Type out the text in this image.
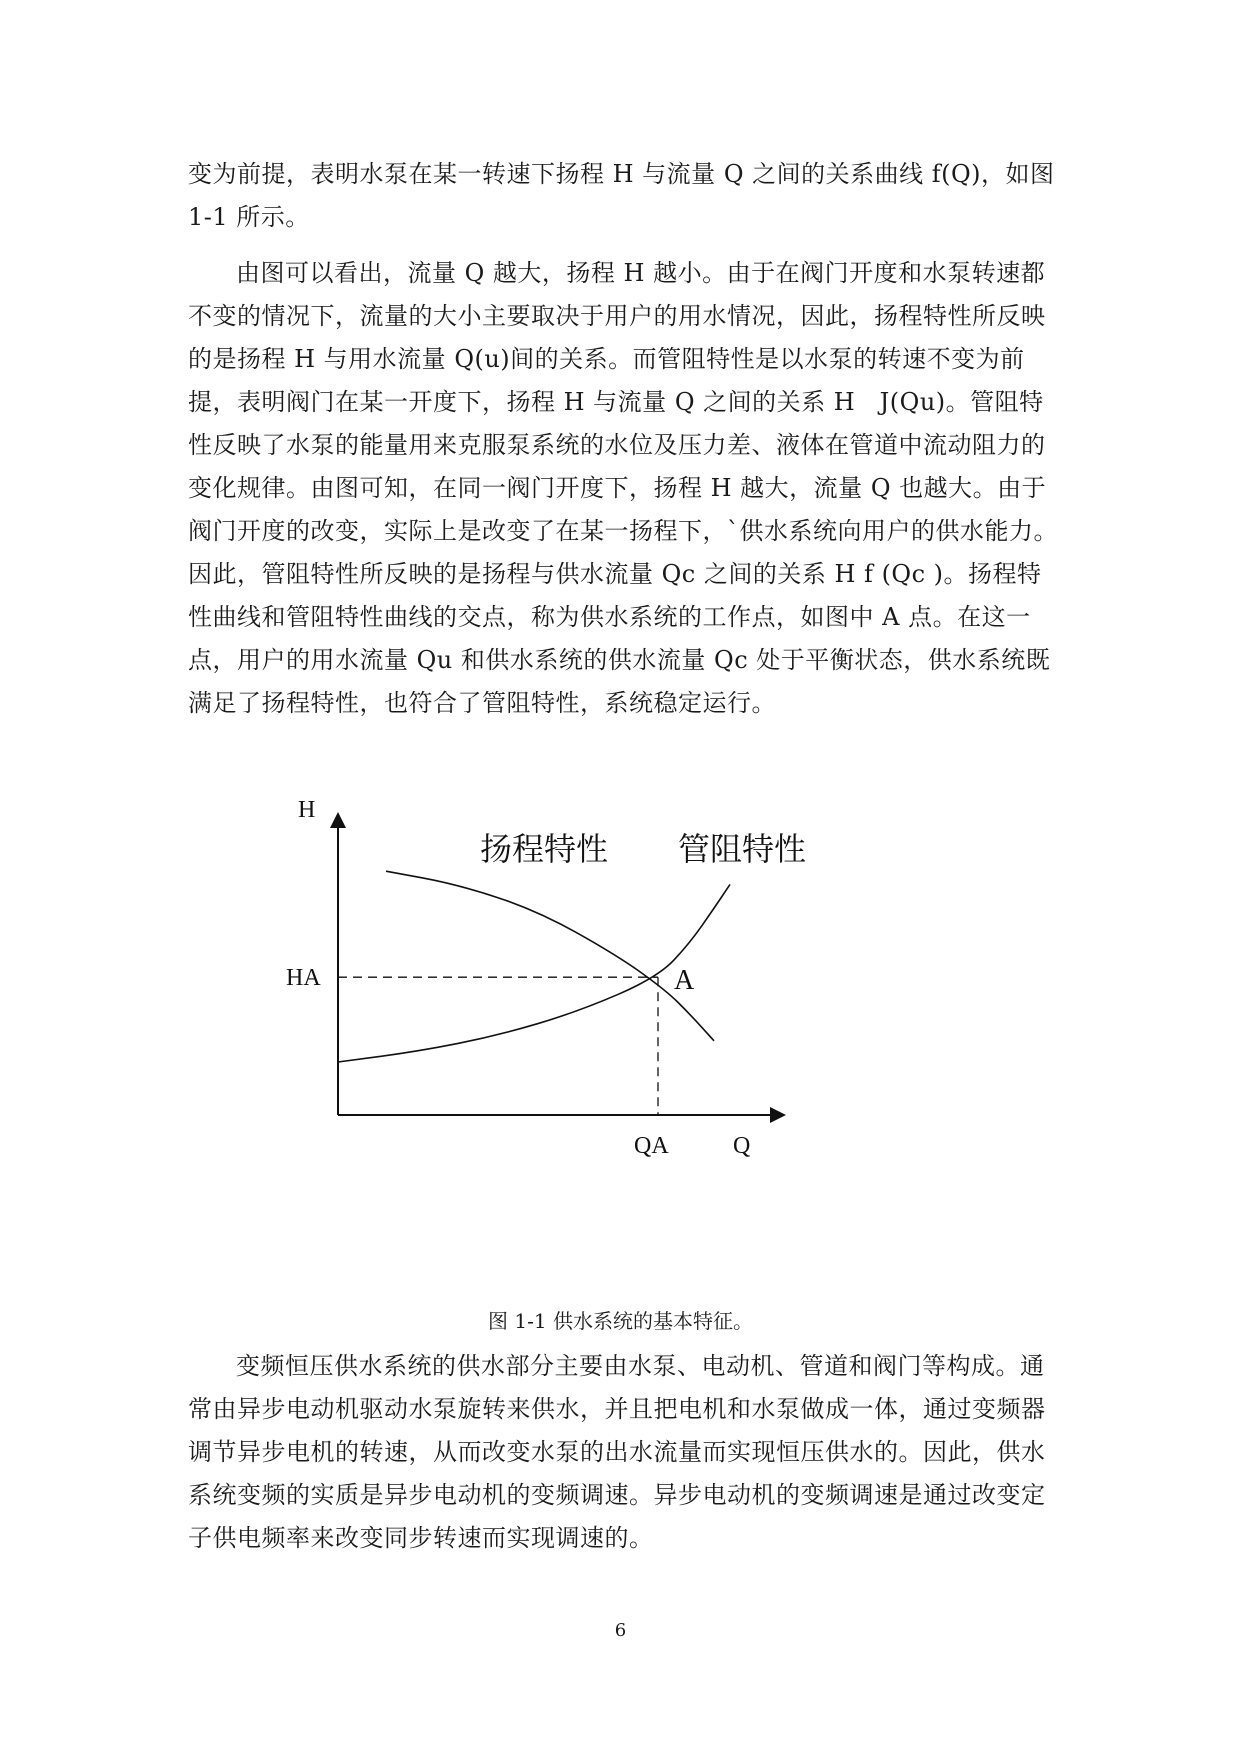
变为前提，表明水泵在某一转速下扬程 H 与流量 Q 之间的关系曲线 f(Q)，如图 1-1 所示。

由图可以看出，流量 Q 越大，扬程 H 越小。由于在阀门开度和水泵转速都不变的情况下，流量的大小主要取决于用户的用水情况，因此，扬程特性所反映的是扬程 H 与用水流量 Q(u)间的关系。而管阻特性是以水泵的转速不变为前提，表明阀门在某一开度下，扬程 H 与流量 Q 之间的关系 H　J(Qu)。管阻特性反映了水泵的能量用来克服泵系统的水位及压力差、液体在管道中流动阻力的变化规律。由图可知，在同一阀门开度下，扬程 H 越大，流量 Q 也越大。由于阀门开度的改变，实际上是改变了在某一扬程下，`供水系统向用户的供水能力。因此，管阻特性所反映的是扬程与供水流量 Qc 之间的关系 H f (Qc )。扬程特性曲线和管阻特性曲线的交点，称为供水系统的工作点，如图中 A 点。在这一点，用户的用水流量 Qu 和供水系统的供水流量 Qc 处于平衡状态，供水系统既满足了扬程特性，也符合了管阻特性，系统稳定运行。

H
Q
HA
QA
A
扬程特性 管阻特性
图 1-1 供水系统的基本特征。

变频恒压供水系统的供水部分主要由水泵、电动机、管道和阀门等构成。通常由异步电动机驱动水泵旋转来供水，并且把电机和水泵做成一体，通过变频器调节异步电机的转速，从而改变水泵的出水流量而实现恒压供水的。因此，供水系统变频的实质是异步电动机的变频调速。异步电动机的变频调速是通过改变定子供电频率来改变同步转速而实现调速的。

6
